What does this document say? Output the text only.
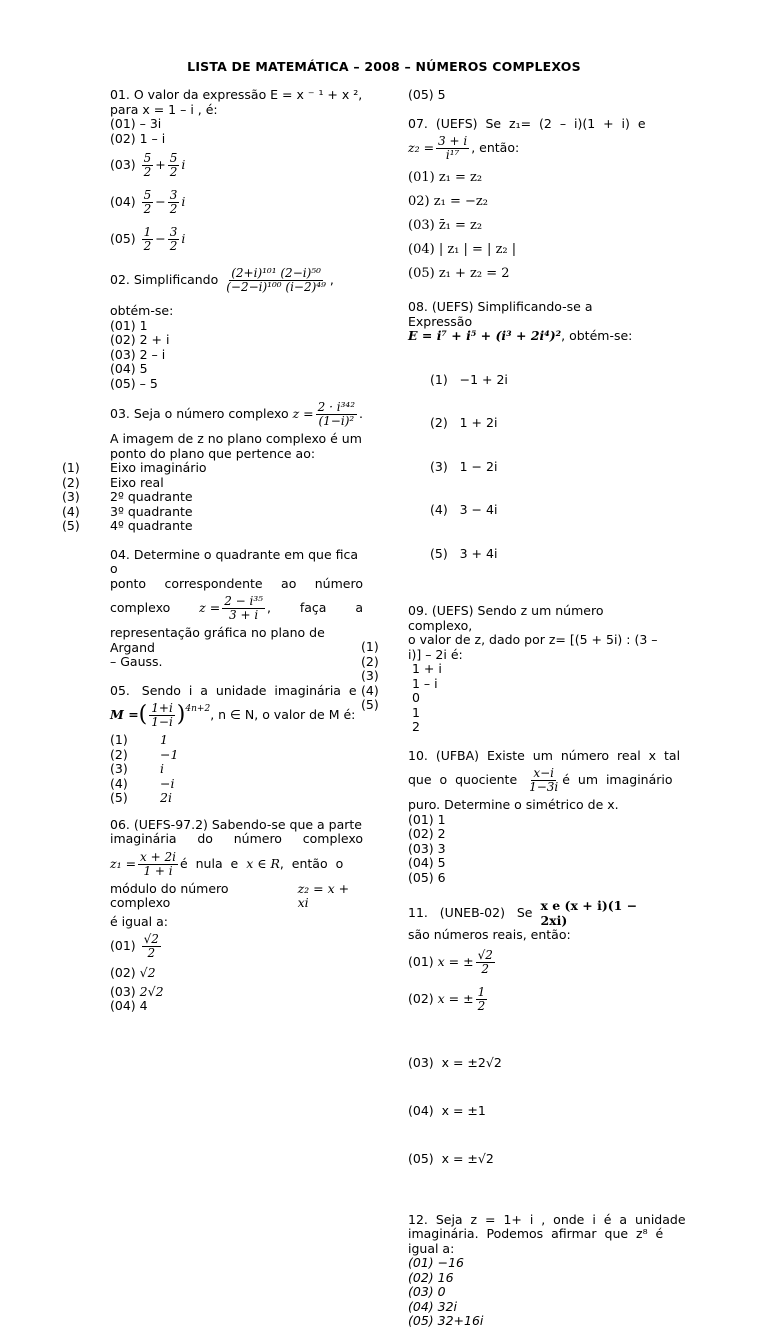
LISTA DE MATEMÁTICA – 2008 – NÚMEROS COMPLEXOS
01. O valor da expressão E = x ⁻ ¹ + x ²,
para x = 1 – i , é:
(01) – 3i
(02) 1 – i
(03)
$\frac{5}{2} + \frac{5}{2}$ i
(04)
$\frac{5}{2} - \frac{3}{2}$ i
(05)
$\frac{1}{2} - \frac{3}{2}$ i
02. Simplificando
$\frac{\text{(2+i)¹⁰¹ (2−i)⁵⁰}}{\text{(−2−i)¹⁰⁰ (i−2)⁴⁹}}$ ,
obtém-se:
(01) 1
(02) 2 + i
(03) 2 – i
(04) 5
(05) – 5
03. Seja o número complexo
$z = \frac{\text{2 · i³⁴²}}{\text{(1−i)²}}$ .
A imagem de z no plano complexo é um
ponto do plano que pertence ao:
(1)
(2)
(3)
(4)
(5)
Eixo imaginário
Eixo real
2º quadrante
3º quadrante
4º quadrante
04. Determine o quadrante em que fica o
ponto correspondente ao número
complexo $z = \frac{\text{2 − i³⁵}}{3 + i}$ , faça a
representação gráfica no plano de Argand
– Gauss.
05.   Sendo  i  a  unidade  imaginária  e
M = ( $\frac{1+i}{1-i} )^{4n+2}$ , n ∈ N, o valor de M é:
(1)
(2)
(3)
(4)
(5)
1
−1
i
−i
2i
06. (UEFS-97.2) Sabendo-se que a parte
imaginária do número complexo
$z_1 = \frac{x + 2i}{1 + i}$ é  nula  e
x ∈ R ,  então  o
módulo do número complexo

z₂ = x + xi
é igual a:
(01)
$\frac{√2}{2}$
(02)
√2
(03)
2√2
(04)
4
(05) 5
07.  (UEFS)  Se  z₁=  (2  –  i)(1  +  i)  e
$z_2 = \frac{3 + i}{\text{i¹⁷}}$ , então:
(01) z₁ = z₂
02) z₁ = −z₂
(03) z̄₁ = z₂
(04) | z₁ | = | z₂ |
(05) z₁ + z₂ = 2
08. (UEFS) Simplificando-se a Expressão
E = i⁷ + i⁵ + (i³ + 2i⁴)² , obtém-se:

(1)   −1 + 2i

(2)   1 + 2i

(3)   1 − 2i

(4)   3 − 4i

(5)   3 + 4i

09. (UEFS) Sendo z um número complexo,
o valor de z, dado por z= [(5 + 5i) : (3 –
i)] – 2i é:
(1)
(2)
(3)
(4)
(5)
1 + i
1 – i
0
1
2
10.  (UFBA)  Existe  um  número  real  x  tal
que  o  quociente
$\frac{x-i}{1-3i}$ é  um  imaginário
puro. Determine o simétrico de x.
(01) 1
(02) 2
(03) 3
(04) 5
(05) 6
11.   (UNEB-02)   Se
x e (x + i)(1 − 2xi)
são números reais, então:
(01)
x = ± $\frac{√2}{2}$
(02)
x = ± $\frac{1}{2}$

(03)  x = ±2√2

(04)  x = ±1

(05)  x = ±√2

12.  Seja  z  =  1+  i  ,  onde  i  é  a  unidade
imaginária.  Podemos  afirmar  que  z⁸  é
igual a:
(01) −16
(02) 16
(03) 0
(04) 32i
(05) 32+16i
